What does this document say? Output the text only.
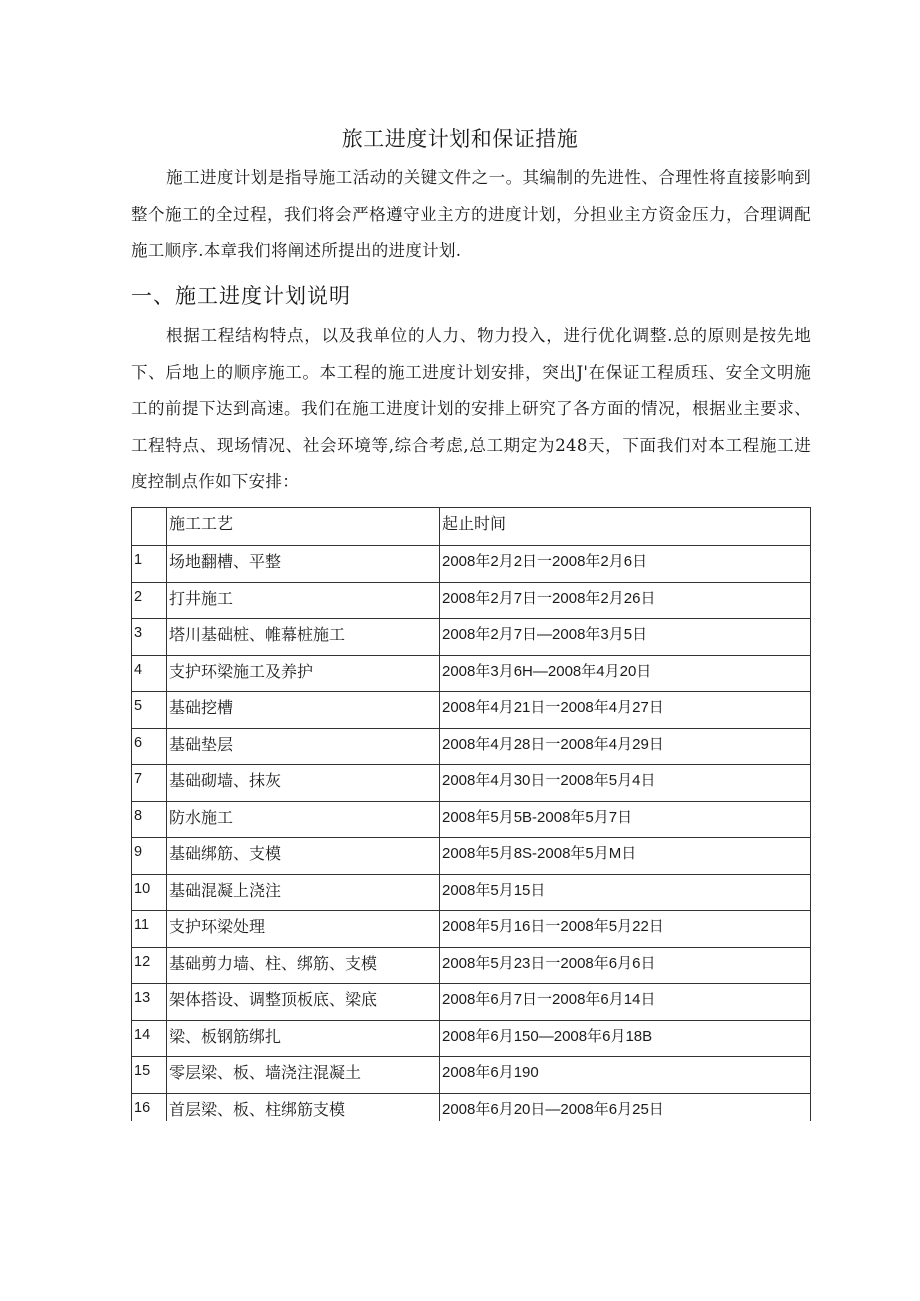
旅工进度计划和保证措施

施工进度计划是指导施工活动的关键文件之一。其编制的先进性、合理性将直接影响到整个施工的全过程，我们将会严格遵守业主方的进度计划，分担业主方资金压力，合理调配施工顺序.本章我们将阐述所提出的进度计划.

一、施工进度计划说明

根据工程结构特点，以及我单位的人力、物力投入，进行优化调整.总的原则是按先地下、后地上的顺序施工。本工程的施工进度计划安排，突出J'在保证工程质珏、安全文明施工的前提下达到高速。我们在施工进度计划的安排上研究了各方面的情况，根据业主要求、工程特点、现场情况、社会环境等,综合考虑,总工期定为248天，下面我们对本工程施工进度控制点作如下安排：

	施工工艺	起止时间
1	场地翻槽、平整	2008年2月2日一2008年2月6日
2	打井施工	2008年2月7日一2008年2月26日
3	塔川基础桩、帷幕桩施工	2008年2月7日—2008年3月5日
4	支护环梁施工及养护	2008年3月6H—2008年4月20日
5	基础挖槽	2008年4月21日一2008年4月27日
6	基础垫层	2008年4月28日一2008年4月29日
7	基础砌墙、抹灰	2008年4月30日一2008年5月4日
8	防水施工	2008年5月5B-2008年5月7日
9	基础绑筋、支模	2008年5月8S-2008年5月M日
10	基础混凝上浇注	2008年5月15日
11	支护环梁处理	2008年5月16日一2008年5月22日
12	基础剪力墙、柱、绑筋、支模	2008年5月23日一2008年6月6日
13	架体搭设、调整顶板底、梁底	2008年6月7日一2008年6月14日
14	梁、板钢筋绑扎	2008年6月150—2008年6月18B
15	零层梁、板、墙浇注混凝土	2008年6月190
16	首层梁、板、柱绑筋支模	2008年6月20日—2008年6月25日
